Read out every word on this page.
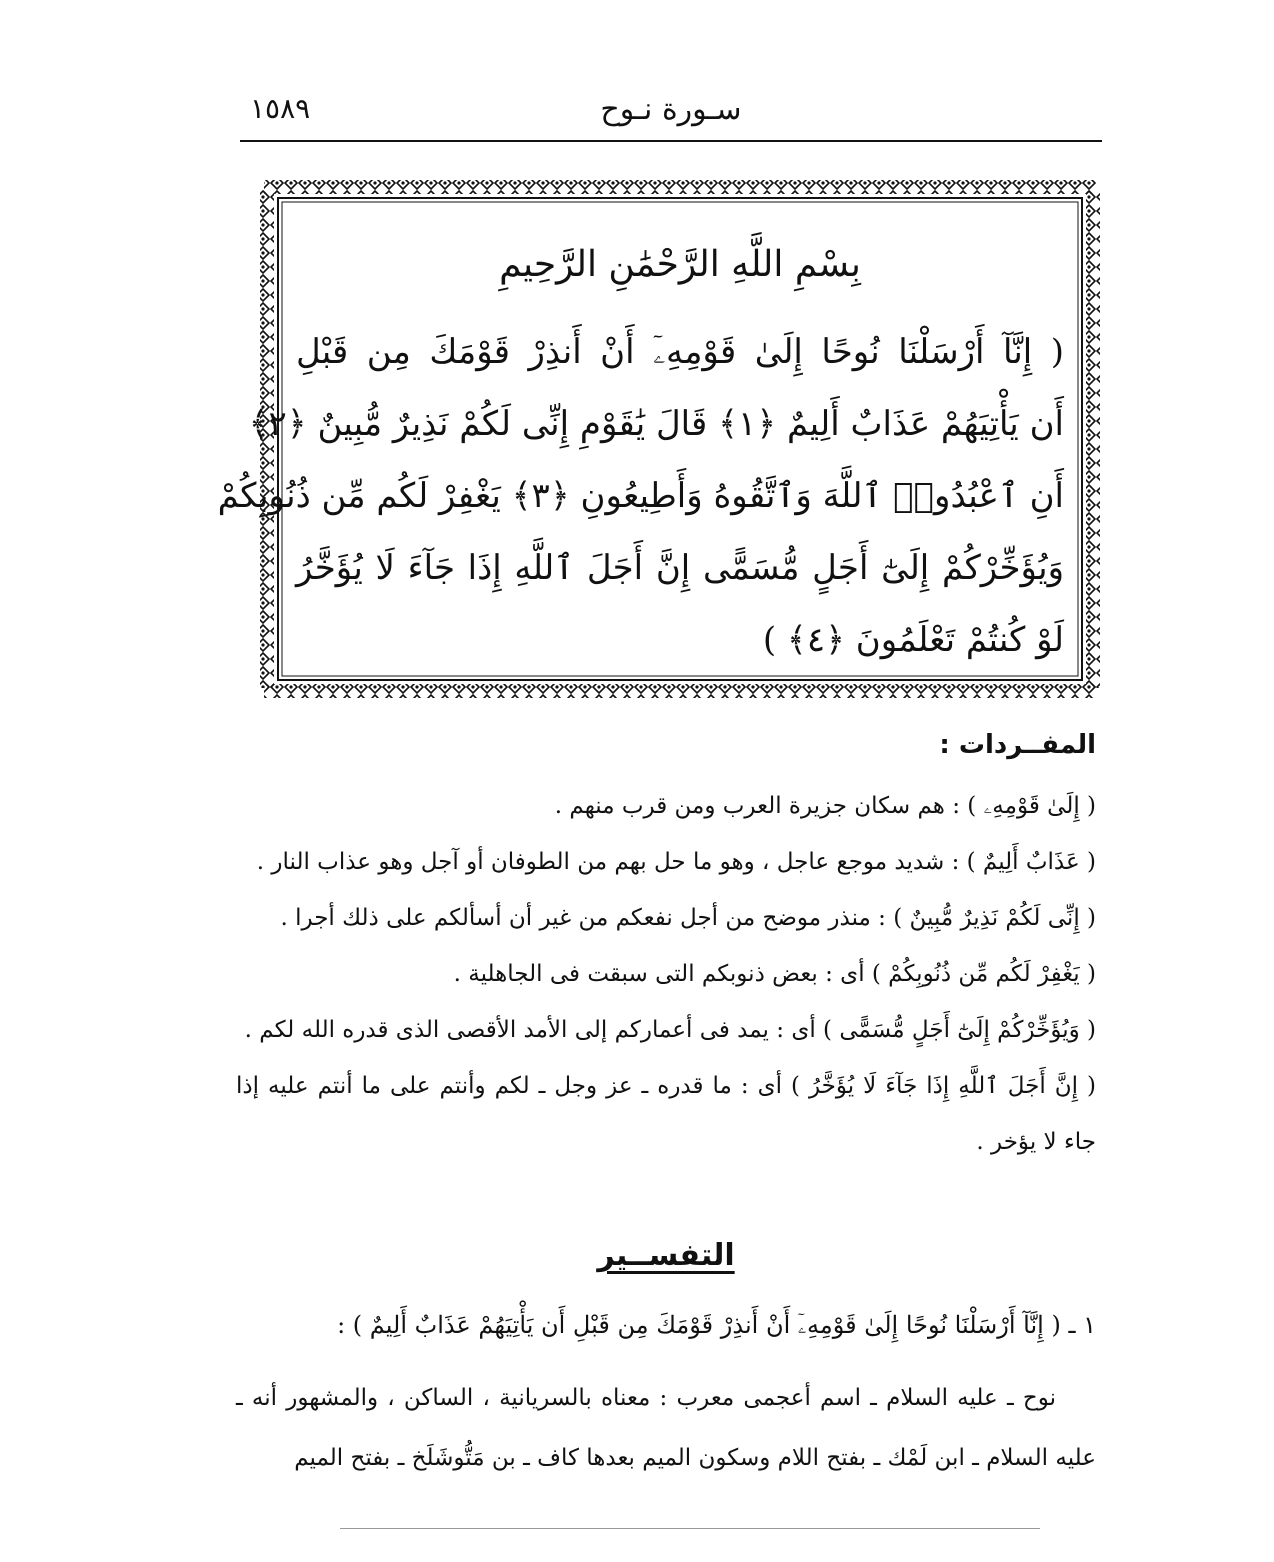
سـورة نـوح
١٥٨٩
بِسْمِ اللَّهِ الرَّحْمَٰنِ الرَّحِيمِ
( إِنَّآ أَرْسَلْنَا نُوحًا إِلَىٰ قَوْمِهِۦٓ أَنْ أَنذِرْ قَوْمَكَ مِن قَبْلِ
أَن يَأْتِيَهُمْ عَذَابٌ أَلِيمٌ ﴿١﴾ قَالَ يَٰقَوْمِ إِنِّى لَكُمْ نَذِيرٌ مُّبِينٌ ﴿٢﴾
أَنِ ٱعْبُدُوا۟ ٱللَّهَ وَٱتَّقُوهُ وَأَطِيعُونِ ﴿٣﴾ يَغْفِرْ لَكُم مِّن ذُنُوبِكُمْ
وَيُؤَخِّرْكُمْ إِلَىٰٓ أَجَلٍ مُّسَمًّى إِنَّ أَجَلَ ٱللَّهِ إِذَا جَآءَ لَا يُؤَخَّرُ
لَوْ كُنتُمْ تَعْلَمُونَ ﴿٤﴾ )
المفــردات :
( إِلَىٰ قَوْمِهِۦ ) : هم سكان جزيرة العرب ومن قرب منهم .
( عَذَابٌ أَلِيمٌ ) : شديد موجع عاجل ، وهو ما حل بهم من الطوفان أو آجل وهو عذاب النار .
( إِنِّى لَكُمْ نَذِيرٌ مُّبِينٌ ) : منذر موضح من أجل نفعكم من غير أن أسألكم على ذلك أجرا .
( يَغْفِرْ لَكُم مِّن ذُنُوبِكُمْ ) أى : بعض ذنوبكم التى سبقت فى الجاهلية .
( وَيُؤَخِّرْكُمْ إِلَىٰٓ أَجَلٍ مُّسَمًّى ) أى : يمد فى أعماركم إلى الأمد الأقصى الذى قدره الله لكم .
( إِنَّ أَجَلَ ٱللَّهِ إِذَا جَآءَ لَا يُؤَخَّرُ ) أى : ما قدره ـ عز وجل ـ لكم وأنتم على ما أنتم عليه إذا جاء لا يؤخر .
التفســير
١ ـ ( إِنَّآ أَرْسَلْنَا نُوحًا إِلَىٰ قَوْمِهِۦٓ أَنْ أَنذِرْ قَوْمَكَ مِن قَبْلِ أَن يَأْتِيَهُمْ عَذَابٌ أَلِيمٌ ) :
نوح ـ عليه السلام ـ اسم أعجمى معرب : معناه بالسريانية ، الساكن ، والمشهور أنه ـ عليه السلام ـ ابن لَمْك ـ بفتح اللام وسكون الميم بعدها كاف ـ بن مَتُّوشَلَخ ـ بفتح الميم
